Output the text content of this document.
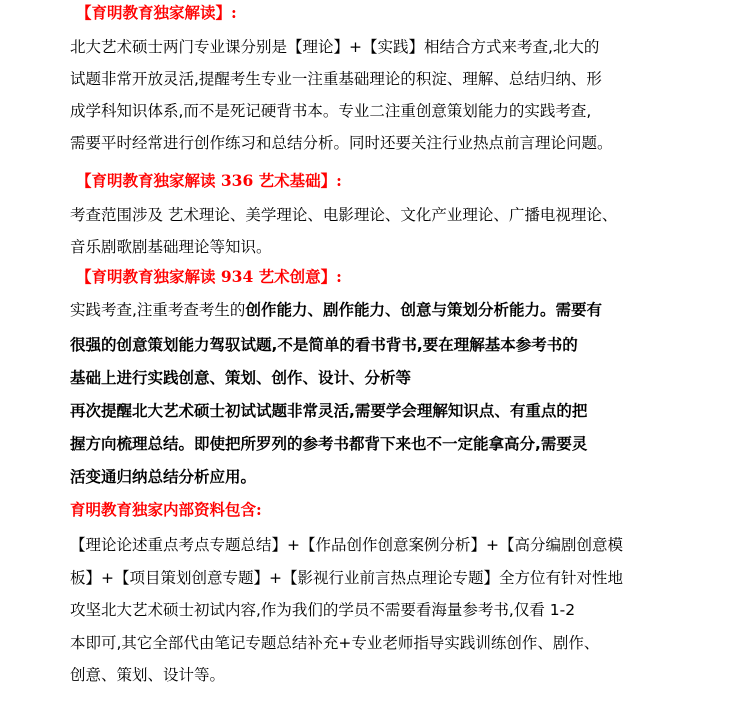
【育明教育独家解读】:
北大艺术硕士两门专业课分别是【理论】+【实践】相结合方式来考查,北大的
试题非常开放灵活,提醒考生专业一注重基础理论的积淀、理解、总结归纳、形
成学科知识体系,而不是死记硬背书本。专业二注重创意策划能力的实践考查,
需要平时经常进行创作练习和总结分析。同时还要关注行业热点前言理论问题。
【育明教育独家解读 336 艺术基础】:
考查范围涉及 艺术理论、美学理论、电影理论、文化产业理论、广播电视理论、
音乐剧歌剧基础理论等知识。
【育明教育独家解读 934 艺术创意】:
实践考查,注重考查考生的创作能力、剧作能力、创意与策划分析能力。需要有
很强的创意策划能力驾驭试题,不是简单的看书背书,要在理解基本参考书的
基础上进行实践创意、策划、创作、设计、分析等
再次提醒北大艺术硕士初试试题非常灵活,需要学会理解知识点、有重点的把
握方向梳理总结。即使把所罗列的参考书都背下来也不一定能拿高分,需要灵
活变通归纳总结分析应用。
育明教育独家内部资料包含:
【理论论述重点考点专题总结】+【作品创作创意案例分析】+【高分编剧创意模
板】+【项目策划创意专题】+【影视行业前言热点理论专题】全方位有针对性地
攻坚北大艺术硕士初试内容,作为我们的学员不需要看海量参考书,仅看 1-2
本即可,其它全部代由笔记专题总结补充+专业老师指导实践训练创作、剧作、
创意、策划、设计等。
